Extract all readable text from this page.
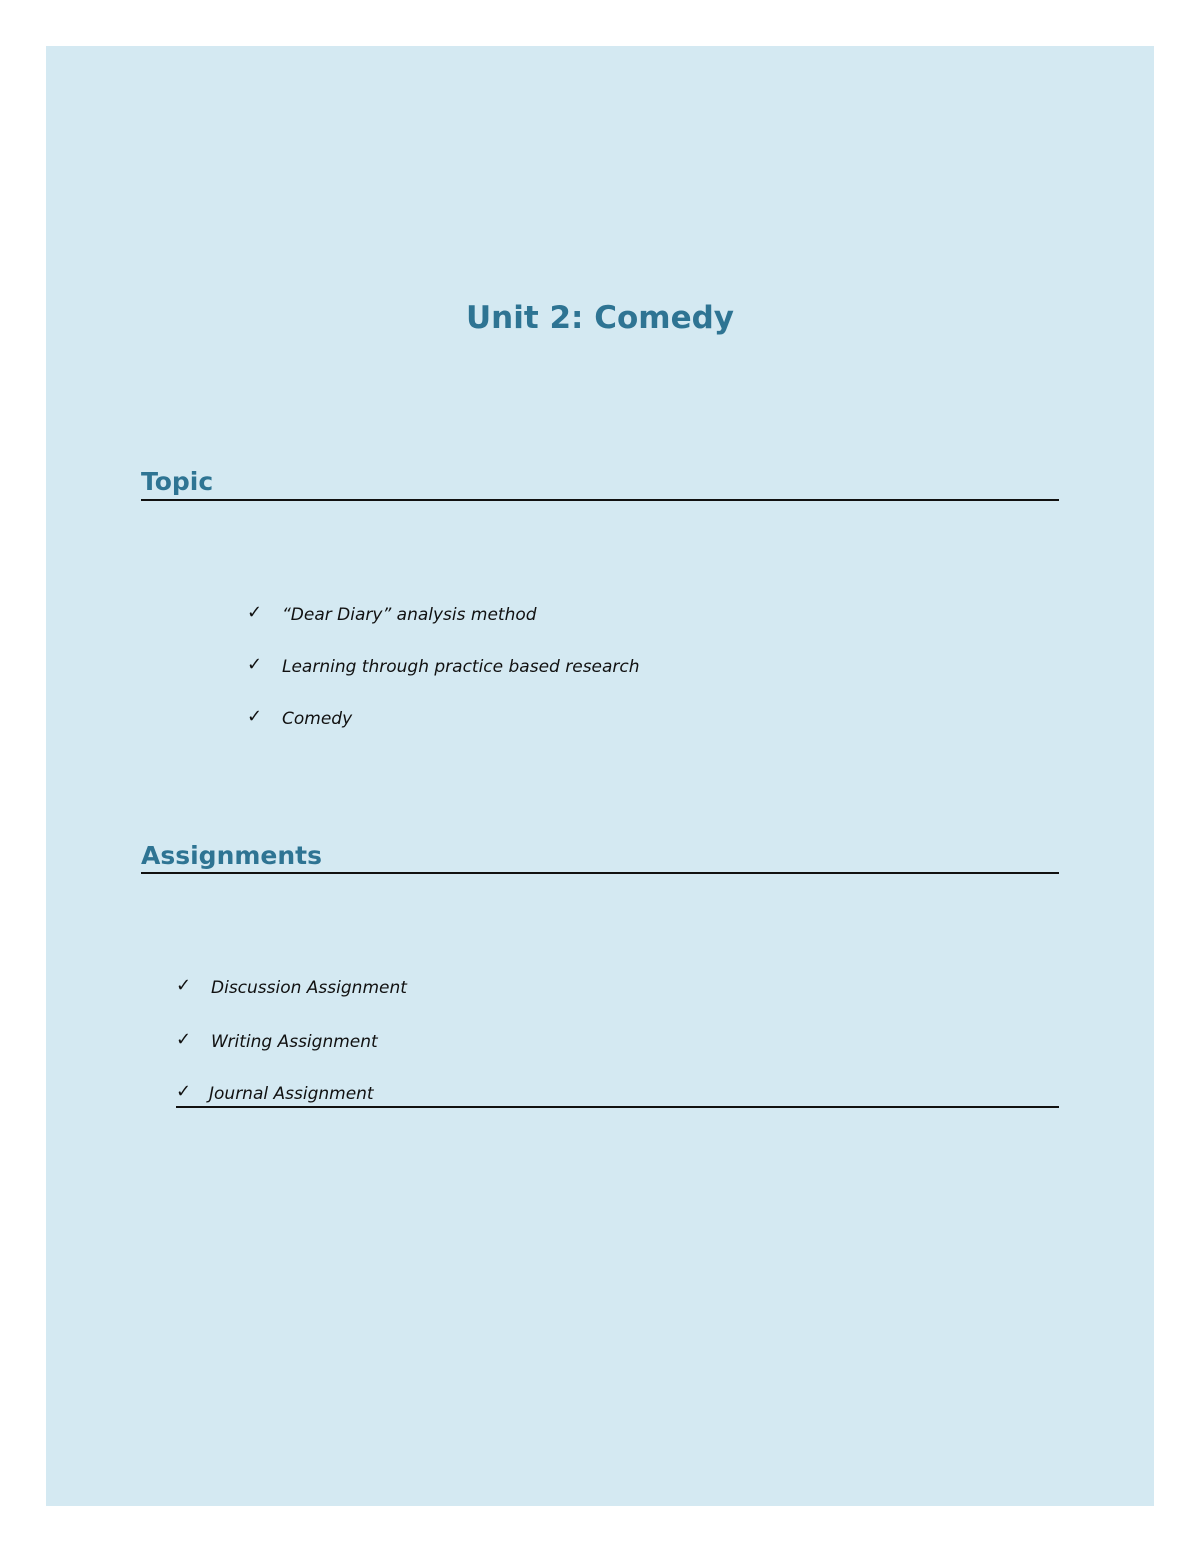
Unit 2: Comedy
Topic
✓ “Dear Diary” analysis method
✓ Learning through practice based research
✓ Comedy
Assignments
✓ Discussion Assignment
✓ Writing Assignment
✓ Journal Assignment
